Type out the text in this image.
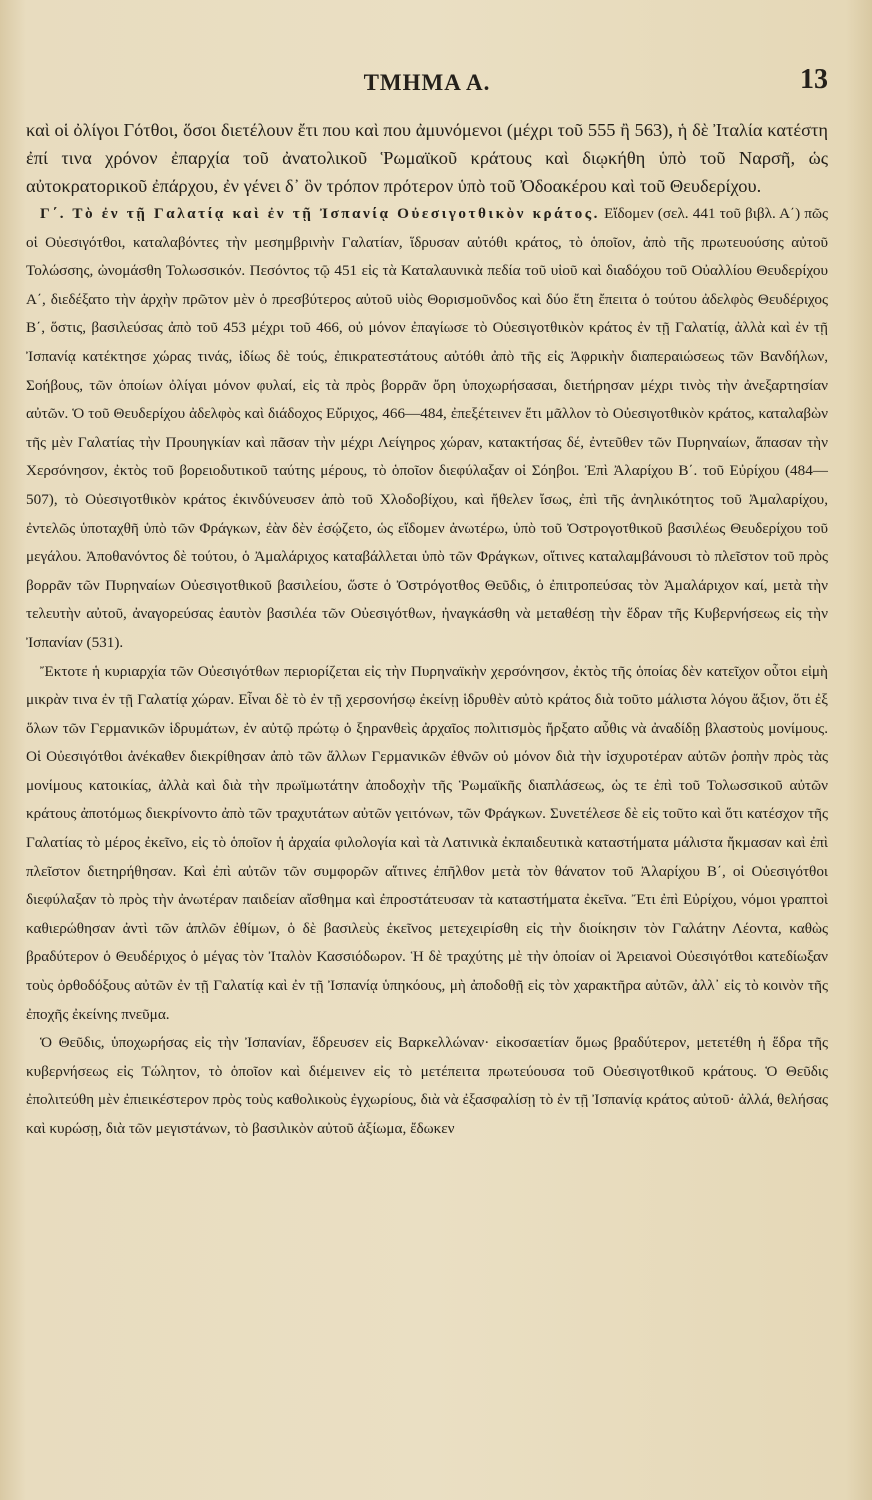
ΤΜΗΜΑ Α.	13

καὶ οἱ ὀλίγοι Γότθοι, ὅσοι διετέλουν ἔτι που καὶ που ἀμυνόμενοι (μέχρι τοῦ 555 ἢ 563), ἡ δὲ Ἰταλία κατέστη ἐπί τινα χρόνον ἐπαρχία τοῦ ἀνατολικοῦ Ῥωμαϊκοῦ κράτους καὶ διῳκήθη ὑπὸ τοῦ Ναρσῆ, ὡς αὐτοκρατορικοῦ ἐπάρχου, ἐν γένει δ᾽ ὃν τρόπον πρότερον ὑπὸ τοῦ Ὀδοακέρου καὶ τοῦ Θευδερίχου.

Γ΄. Τὸ ἐν τῇ Γαλατίᾳ καὶ ἐν τῇ Ἰσπανίᾳ Οὐεσιγοτθικὸν κράτος. Εἴδομεν (σελ. 441 τοῦ βιβλ. Α΄) πῶς οἱ Οὐεσιγότθοι, καταλαβόντες τὴν μεσημβρινὴν Γαλατίαν, ἵδρυσαν αὐτόθι κράτος, τὸ ὁποῖον, ἀπὸ τῆς πρωτευούσης αὐτοῦ Τολώσσης, ὠνομάσθη Τολωσσικόν. Πεσόντος τῷ 451 εἰς τὰ Καταλαυνικὰ πεδία τοῦ υἱοῦ καὶ διαδόχου τοῦ Οὐαλλίου Θευδερίχου Α΄, διεδέξατο τὴν ἀρχὴν πρῶτον μὲν ὁ πρεσβύτερος αὐτοῦ υἱὸς Θορισμοῦνδος καὶ δύο ἔτη ἔπειτα ὁ τούτου ἀδελφὸς Θευδέριχος Β΄, ὅστις, βασιλεύσας ἀπὸ τοῦ 453 μέχρι τοῦ 466, οὐ μόνον ἐπαγίωσε τὸ Οὐεσιγοτθικὸν κράτος ἐν τῇ Γαλατίᾳ, ἀλλὰ καὶ ἐν τῇ Ἰσπανίᾳ κατέκτησε χώρας τινάς, ἰδίως δὲ τούς, ἐπικρατεστάτους αὐτόθι ἀπὸ τῆς εἰς Ἀφρικὴν διαπεραιώσεως τῶν Βανδήλων, Σοήβους, τῶν ὁποίων ὀλίγαι μόνον φυλαί, εἰς τὰ πρὸς βορρᾶν ὄρη ὑποχωρήσασαι, διετήρησαν μέχρι τινὸς τὴν ἀνεξαρτησίαν αὐτῶν. Ὁ τοῦ Θευδερίχου ἀδελφὸς καὶ διάδοχος Εὔριχος, 466—484, ἐπεξέτεινεν ἔτι μᾶλλον τὸ Οὐεσιγοτθικὸν κράτος, καταλαβὼν τῆς μὲν Γαλατίας τὴν Προυηγκίαν καὶ πᾶσαν τὴν μέχρι Λείγηρος χώραν, κατακτήσας δέ, ἐντεῦθεν τῶν Πυρηναίων, ἅπασαν τὴν Χερσόνησον, ἐκτὸς τοῦ βορειοδυτικοῦ ταύτης μέρους, τὸ ὁποῖον διεφύλαξαν οἱ Σόηβοι. Ἐπὶ Ἀλαρίχου Β΄. τοῦ Εὐρίχου (484—507), τὸ Οὐεσιγοτθικὸν κράτος ἐκινδύνευσεν ἀπὸ τοῦ Χλοδοβίχου, καὶ ἤθελεν ἴσως, ἐπὶ τῆς ἀνηλικότητος τοῦ Ἀμαλαρίχου, ἐντελῶς ὑποταχθῆ ὑπὸ τῶν Φράγκων, ἐὰν δὲν ἐσῴζετο, ὡς εἴδομεν ἀνωτέρω, ὑπὸ τοῦ Ὀστρογοτθικοῦ βασιλέως Θευδερίχου τοῦ μεγάλου. Ἀποθανόντος δὲ τούτου, ὁ Ἀμαλάριχος καταβάλλεται ὑπὸ τῶν Φράγκων, οἵτινες καταλαμβάνουσι τὸ πλεῖστον τοῦ πρὸς βορρᾶν τῶν Πυρηναίων Οὐεσιγοτθικοῦ βασιλείου, ὥστε ὁ Ὀστρόγοτθος Θεῦδις, ὁ ἐπιτροπεύσας τὸν Ἀμαλάριχον καί, μετὰ τὴν τελευτὴν αὐτοῦ, ἀναγορεύσας ἑαυτὸν βασιλέα τῶν Οὐεσιγότθων, ἠναγκάσθη νὰ μεταθέσῃ τὴν ἕδραν τῆς Κυβερνήσεως εἰς τὴν Ἰσπανίαν (531).

Ἔκτοτε ἡ κυριαρχία τῶν Οὐεσιγότθων περιορίζεται εἰς τὴν Πυρηναϊκὴν χερσόνησον, ἐκτὸς τῆς ὁποίας δὲν κατεῖχον οὗτοι εἰμὴ μικρὰν τινα ἐν τῇ Γαλατίᾳ χώραν. Εἶναι δὲ τὸ ἐν τῇ χερσονήσῳ ἐκείνῃ ἱδρυθὲν αὐτὸ κράτος διὰ τοῦτο μάλιστα λόγου ἄξιον, ὅτι ἐξ ὅλων τῶν Γερμανικῶν ἱδρυμάτων, ἐν αὐτῷ πρώτῳ ὁ ξηρανθεὶς ἀρχαῖος πολιτισμὸς ἤρξατο αὖθις νὰ ἀναδίδῃ βλαστοὺς μονίμους. Οἱ Οὐεσιγότθοι ἀνέκαθεν διεκρίθησαν ἀπὸ τῶν ἄλλων Γερμανικῶν ἐθνῶν οὐ μόνον διὰ τὴν ἰσχυροτέραν αὐτῶν ῥοπὴν πρὸς τὰς μονίμους κατοικίας, ἀλλὰ καὶ διὰ τὴν πρωϊμωτάτην ἀποδοχὴν τῆς Ῥωμαϊκῆς διαπλάσεως, ὡς τε ἐπὶ τοῦ Τολωσσικοῦ αὐτῶν κράτους ἀποτόμως διεκρίνοντο ἀπὸ τῶν τραχυτάτων αὐτῶν γειτόνων, τῶν Φράγκων. Συνετέλεσε δὲ εἰς τοῦτο καὶ ὅτι κατέσχον τῆς Γαλατίας τὸ μέρος ἐκεῖνο, εἰς τὸ ὁποῖον ἡ ἀρχαία φιλολογία καὶ τὰ Λατινικὰ ἐκπαιδευτικὰ καταστήματα μάλιστα ἤκμασαν καὶ ἐπὶ πλεῖστον διετηρήθησαν. Καὶ ἐπὶ αὐτῶν τῶν συμφορῶν αἵτινες ἐπῆλθον μετὰ τὸν θάνατον τοῦ Ἀλαρίχου Β΄, οἱ Οὐεσιγότθοι διεφύλαξαν τὸ πρὸς τὴν ἀνωτέραν παιδείαν αἴσθημα καὶ ἐπροστάτευσαν τὰ καταστήματα ἐκεῖνα. Ἔτι ἐπὶ Εὐρίχου, νόμοι γραπτοὶ καθιερώθησαν ἀντὶ τῶν ἁπλῶν ἐθίμων, ὁ δὲ βασιλεὺς ἐκεῖνος μετεχειρίσθη εἰς τὴν διοίκησιν τὸν Γαλάτην Λέοντα, καθὼς βραδύτερον ὁ Θευδέριχος ὁ μέγας τὸν Ἰταλὸν Κασσιόδωρον. Ἡ δὲ τραχύτης μὲ τὴν ὁποίαν οἱ Ἀρειανοὶ Οὐεσιγότθοι κατεδίωξαν τοὺς ὀρθοδόξους αὐτῶν ἐν τῇ Γαλατίᾳ καὶ ἐν τῇ Ἰσπανίᾳ ὑπηκόους, μὴ ἀποδοθῇ εἰς τὸν χαρακτῆρα αὐτῶν, ἀλλ᾽ εἰς τὸ κοινὸν τῆς ἐποχῆς ἐκείνης πνεῦμα.

Ὁ Θεῦδις, ὑποχωρήσας εἰς τὴν Ἰσπανίαν, ἕδρευσεν εἰς Βαρκελλώναν· εἰκοσαετίαν ὅμως βραδύτερον, μετετέθη ἡ ἕδρα τῆς κυβερνήσεως εἰς Τώλητον, τὸ ὁποῖον καὶ διέμεινεν εἰς τὸ μετέπειτα πρωτεύουσα τοῦ Οὐεσιγοτθικοῦ κράτους. Ὁ Θεῦδις ἐπολιτεύθη μὲν ἐπιεικέστερον πρὸς τοὺς καθολικοὺς ἐγχωρίους, διὰ νὰ ἐξασφαλίσῃ τὸ ἐν τῇ Ἰσπανίᾳ κράτος αὐτοῦ· ἀλλά, θελήσας καὶ κυρώσῃ, διὰ τῶν μεγιστάνων, τὸ βασιλικὸν αὐτοῦ ἀξίωμα, ἔδωκεν
